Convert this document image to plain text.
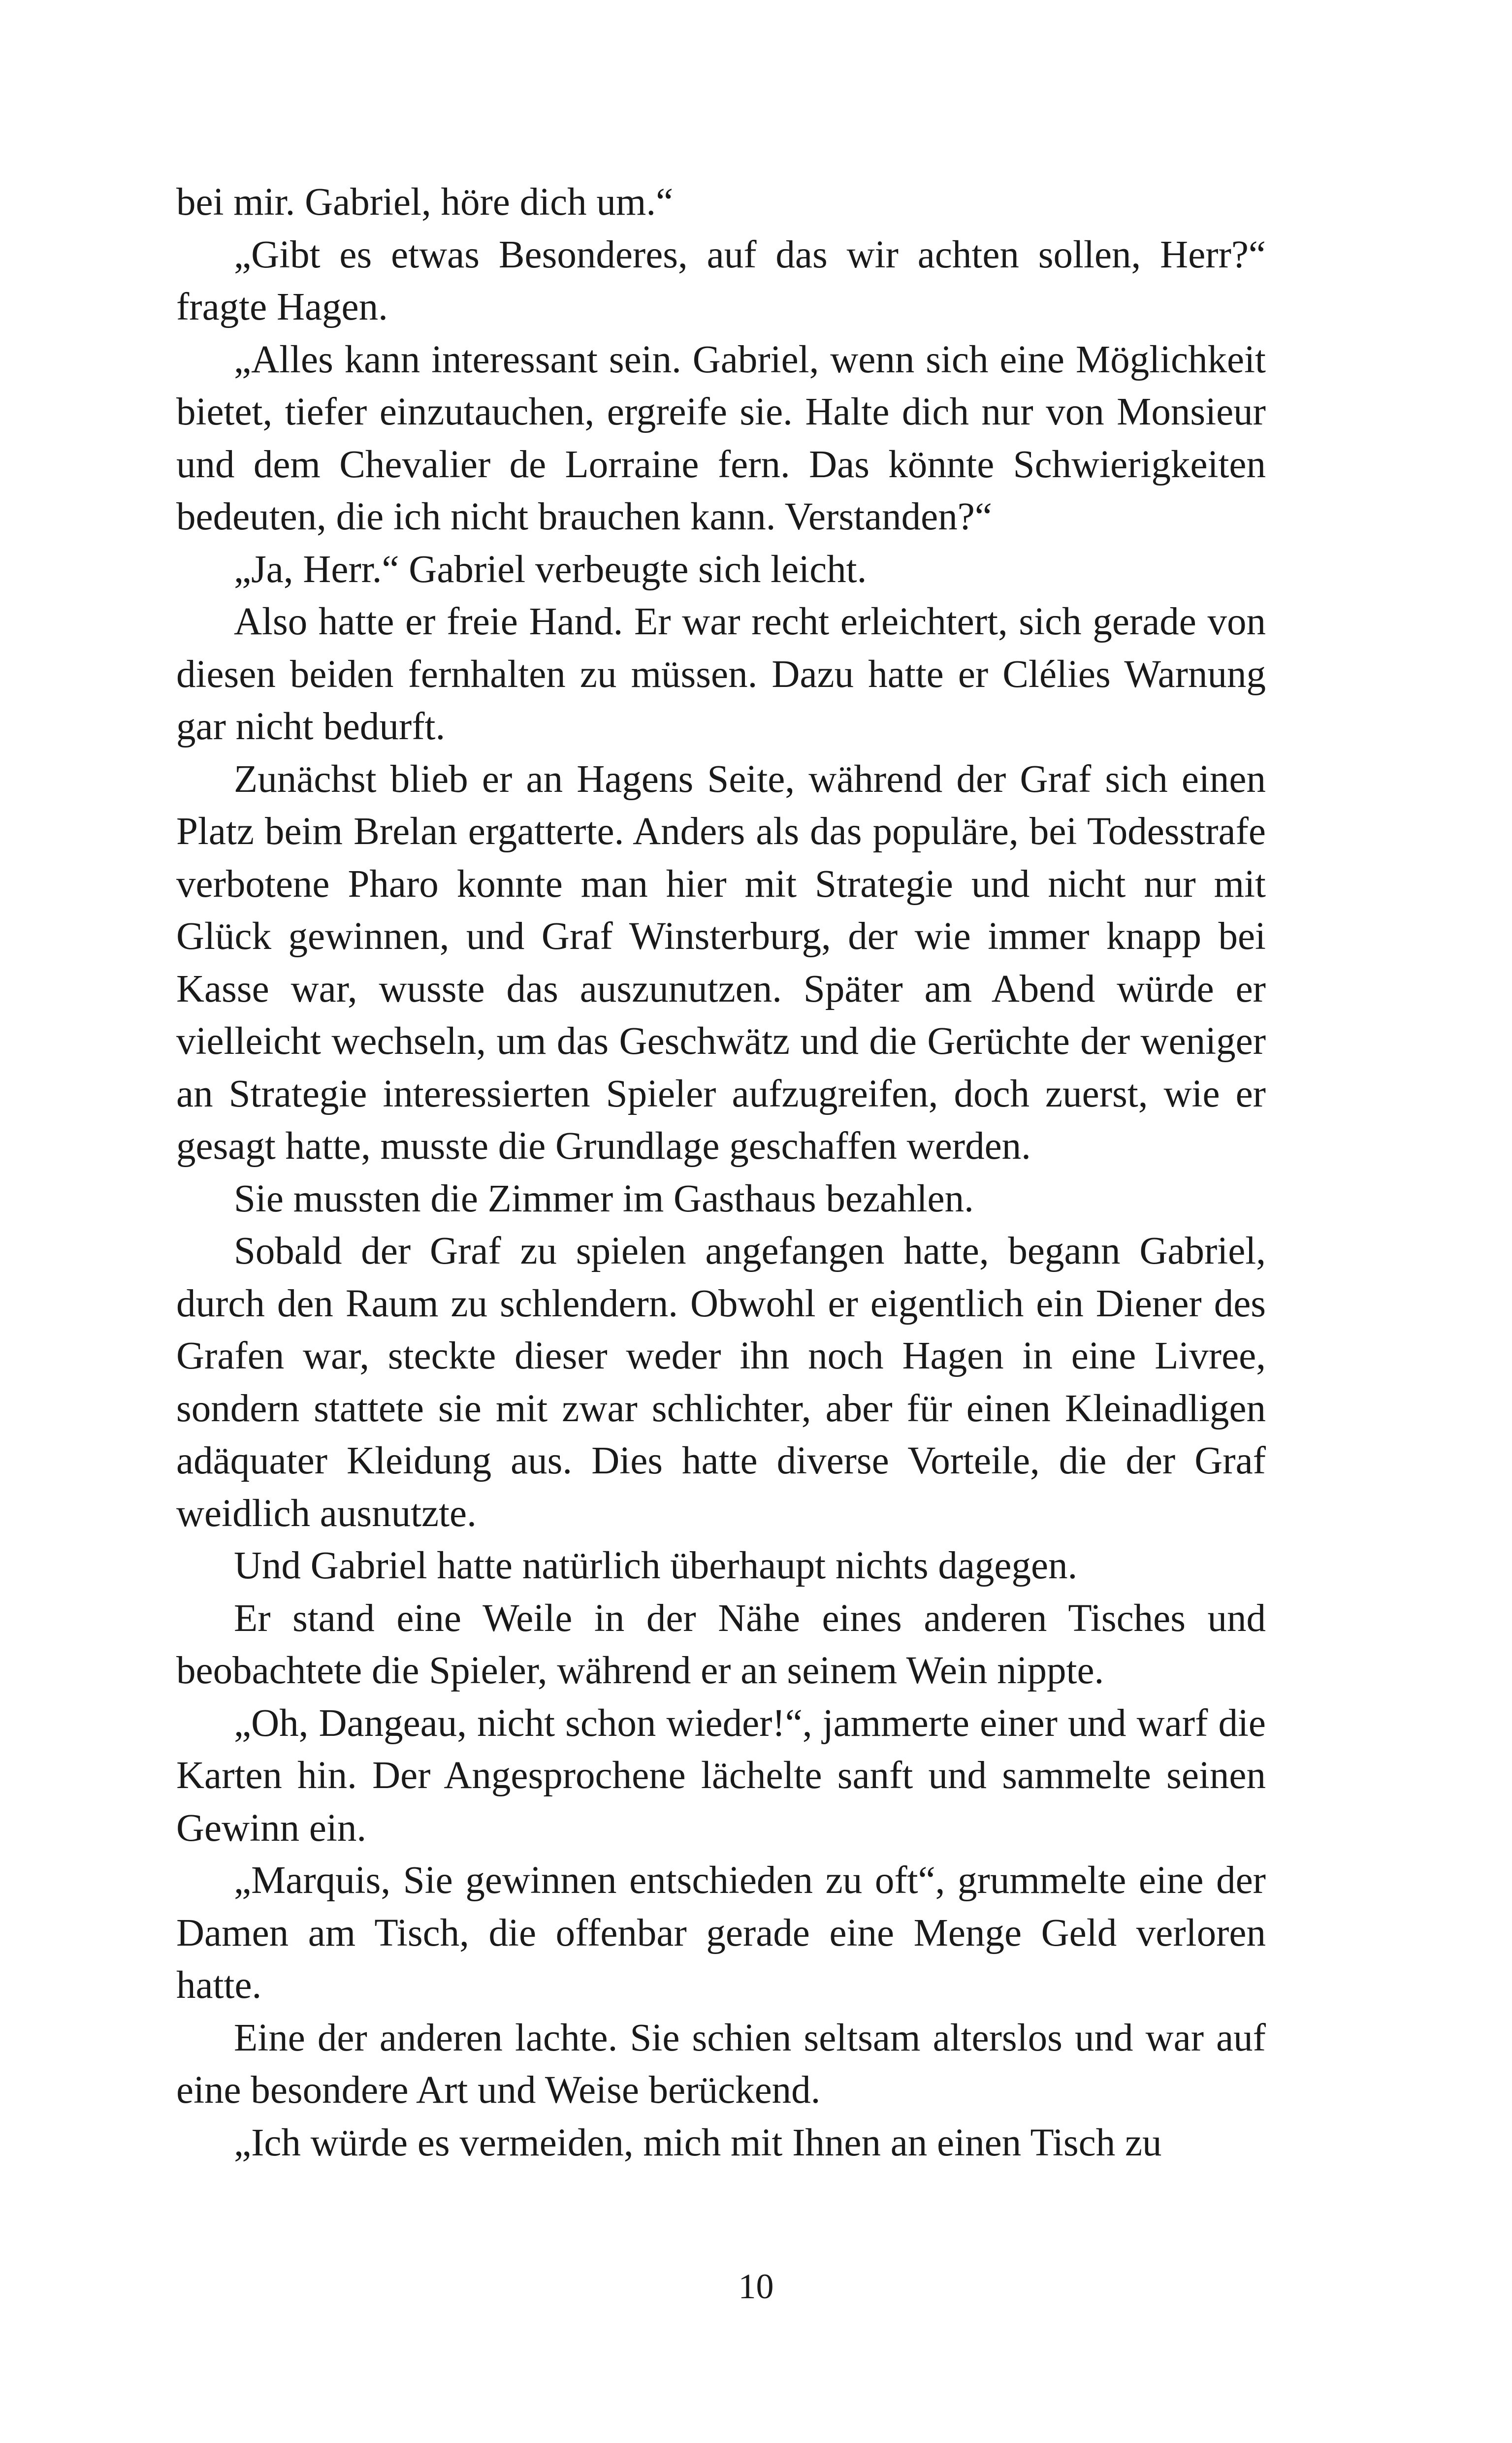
bei mir. Gabriel, höre dich um.“

„Gibt es etwas Besonderes, auf das wir achten sollen, Herr?“ fragte Hagen.

„Alles kann interessant sein. Gabriel, wenn sich eine Möglichkeit bietet, tiefer einzutauchen, ergreife sie. Halte dich nur von Monsieur und dem Chevalier de Lorraine fern. Das könnte Schwierigkeiten bedeuten, die ich nicht brauchen kann. Verstanden?“

„Ja, Herr.“ Gabriel verbeugte sich leicht.

Also hatte er freie Hand. Er war recht erleichtert, sich gerade von diesen beiden fernhalten zu müssen. Dazu hatte er Clélies Warnung gar nicht bedurft.

Zunächst blieb er an Hagens Seite, während der Graf sich einen Platz beim Brelan ergatterte. Anders als das populäre, bei Todesstrafe verbotene Pharo konnte man hier mit Strategie und nicht nur mit Glück gewinnen, und Graf Winsterburg, der wie immer knapp bei Kasse war, wusste das auszunutzen. Später am Abend würde er vielleicht wechseln, um das Geschwätz und die Gerüchte der weniger an Strategie interessierten Spieler aufzugreifen, doch zuerst, wie er gesagt hatte, musste die Grundlage geschaffen werden.

Sie mussten die Zimmer im Gasthaus bezahlen.

Sobald der Graf zu spielen angefangen hatte, begann Gabriel, durch den Raum zu schlendern. Obwohl er eigentlich ein Diener des Grafen war, steckte dieser weder ihn noch Hagen in eine Livree, sondern stattete sie mit zwar schlichter, aber für einen Kleinadligen adäquater Kleidung aus. Dies hatte diverse Vorteile, die der Graf weidlich ausnutzte.

Und Gabriel hatte natürlich überhaupt nichts dagegen.

Er stand eine Weile in der Nähe eines anderen Tisches und beobachtete die Spieler, während er an seinem Wein nippte.

„Oh, Dangeau, nicht schon wieder!“, jammerte einer und warf die Karten hin. Der Angesprochene lächelte sanft und sammelte seinen Gewinn ein.

„Marquis, Sie gewinnen entschieden zu oft“, grummelte eine der Damen am Tisch, die offenbar gerade eine Menge Geld verloren hatte.

Eine der anderen lachte. Sie schien seltsam alterslos und war auf eine besondere Art und Weise berückend.

„Ich würde es vermeiden, mich mit Ihnen an einen Tisch zu

10
